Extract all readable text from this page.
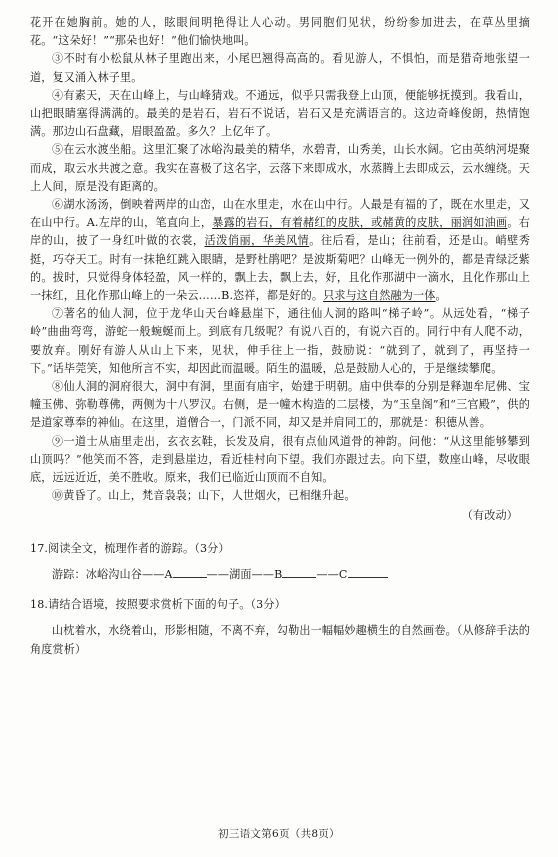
花开在她胸前。她的人，眩眼间明艳得让人心动。男同胞们见状，纷纷参加进去，在草丛里摘花。“这朵好！”“那朵也好！”他们愉快地叫。

③不时有小松鼠从林子里跑出来，小尾巴翘得高高的。看见游人，不惧怕，而是猎奇地张望一道，复又涌入林子里。

④有素天，天在山峰上，与山峰猜戏。不通远，似乎只需我登上山顶，便能够抚摸到。我看山，山把眼睛塞得满满的。最美的是岩石，岩石不说话，岩石又是充满语言的。这边奇峰俊朗，热情饱满。那边山石盘藏，眉眼盈盈。多久？上亿年了。

⑤在云水渡坐船。这里汇聚了冰峪沟最美的精华，水碧青，山秀美，山长水阔。它由英纳河堤聚而成，取云水共渡之意。我实在喜极了这名字，云落下来即成水，水蒸腾上去即成云，云水缠绕。天上人间，原是没有距离的。

⑥湖水汤汤，倒映着两岸的山峦，山在水里走，水在山中行。人最是有福的了，既在水里走，又在山中行。A.左岸的山，笔直向上，暴露的岩石，有着赭红的皮肤，或赭黄的皮肤，丽润如油画。右岸的山，披了一身红叶做的衣裳，活泼俏丽，华美风情。往后看，是山；往前看，还是山。峭壁秀挺，巧夺天工。时有一抹艳红跳入眼睛，是野杜鹃吧？是波斯菊吧？山峰无一例外的，都是青绿泛紫的。拔时，只觉得身体轻盈，风一样的，飘上去，飘上去，好，且化作那湖中一滴水，且化作那山上一抹红，且化作那山峰上的一朵云……B.恣祥，都是好的。只求与这自然融为一体。

⑦著名的仙人洞，位于龙华山天台峰悬崖下，通往仙人洞的路叫“梯子岭”。从远处看，“梯子岭”曲曲弯弯，游蛇一般蜿蜒而上。到底有几级呢？有说八百的，有说六百的。同行中有人爬不动，要放弃。刚好有游人从山上下来，见状，伸手往上一指，鼓励说：“就到了，就到了，再坚持一下。”话毕莞笑，知他所言不实，却因此而温暖。陌生的温暖，总是鼓励人心的，于是继续攀爬。

⑧仙人洞的洞府很大，洞中有洞，里面有庙宇，始建于明朝。庙中供奉的分别是释迦牟尼佛、宝幢玉佛、弥勒尊佛，两侧为十八罗汉。右侧，是一幢木构造的二层楼，为“玉皇阁”和“三官殿”，供的是道家尊奉的神仙。在这里，道僧合一，门派不同，却又是并肩同工的，那就是：积德从善。

⑨一道士从庙里走出，玄衣玄鞋，长发及肩，很有点仙风道骨的神韵。问他：“从这里能够攀到山顶吗？”他笑而不答，走到悬崖边，看近桂村向下望。我们亦跟过去。向下望，数座山峰，尽收眼底，远远近近，美不胜收。原来，我们已临近山顶而不自知。

⑩黄昏了。山上，梵音袅袅；山下，人世烟火，已相继升起。

（有改动）

17.阅读全文，梳理作者的游踪。（3分）

游踪：冰峪沟山谷——A	——湖面——B	——C

18.请结合语境，按照要求赏析下面的句子。（3分）

山枕着水，水绕着山，形影相随，不离不弃，勾勒出一幅幅妙趣横生的自然画卷。（从修辞手法的角度赏析）

初三语文第6页（共8页）
